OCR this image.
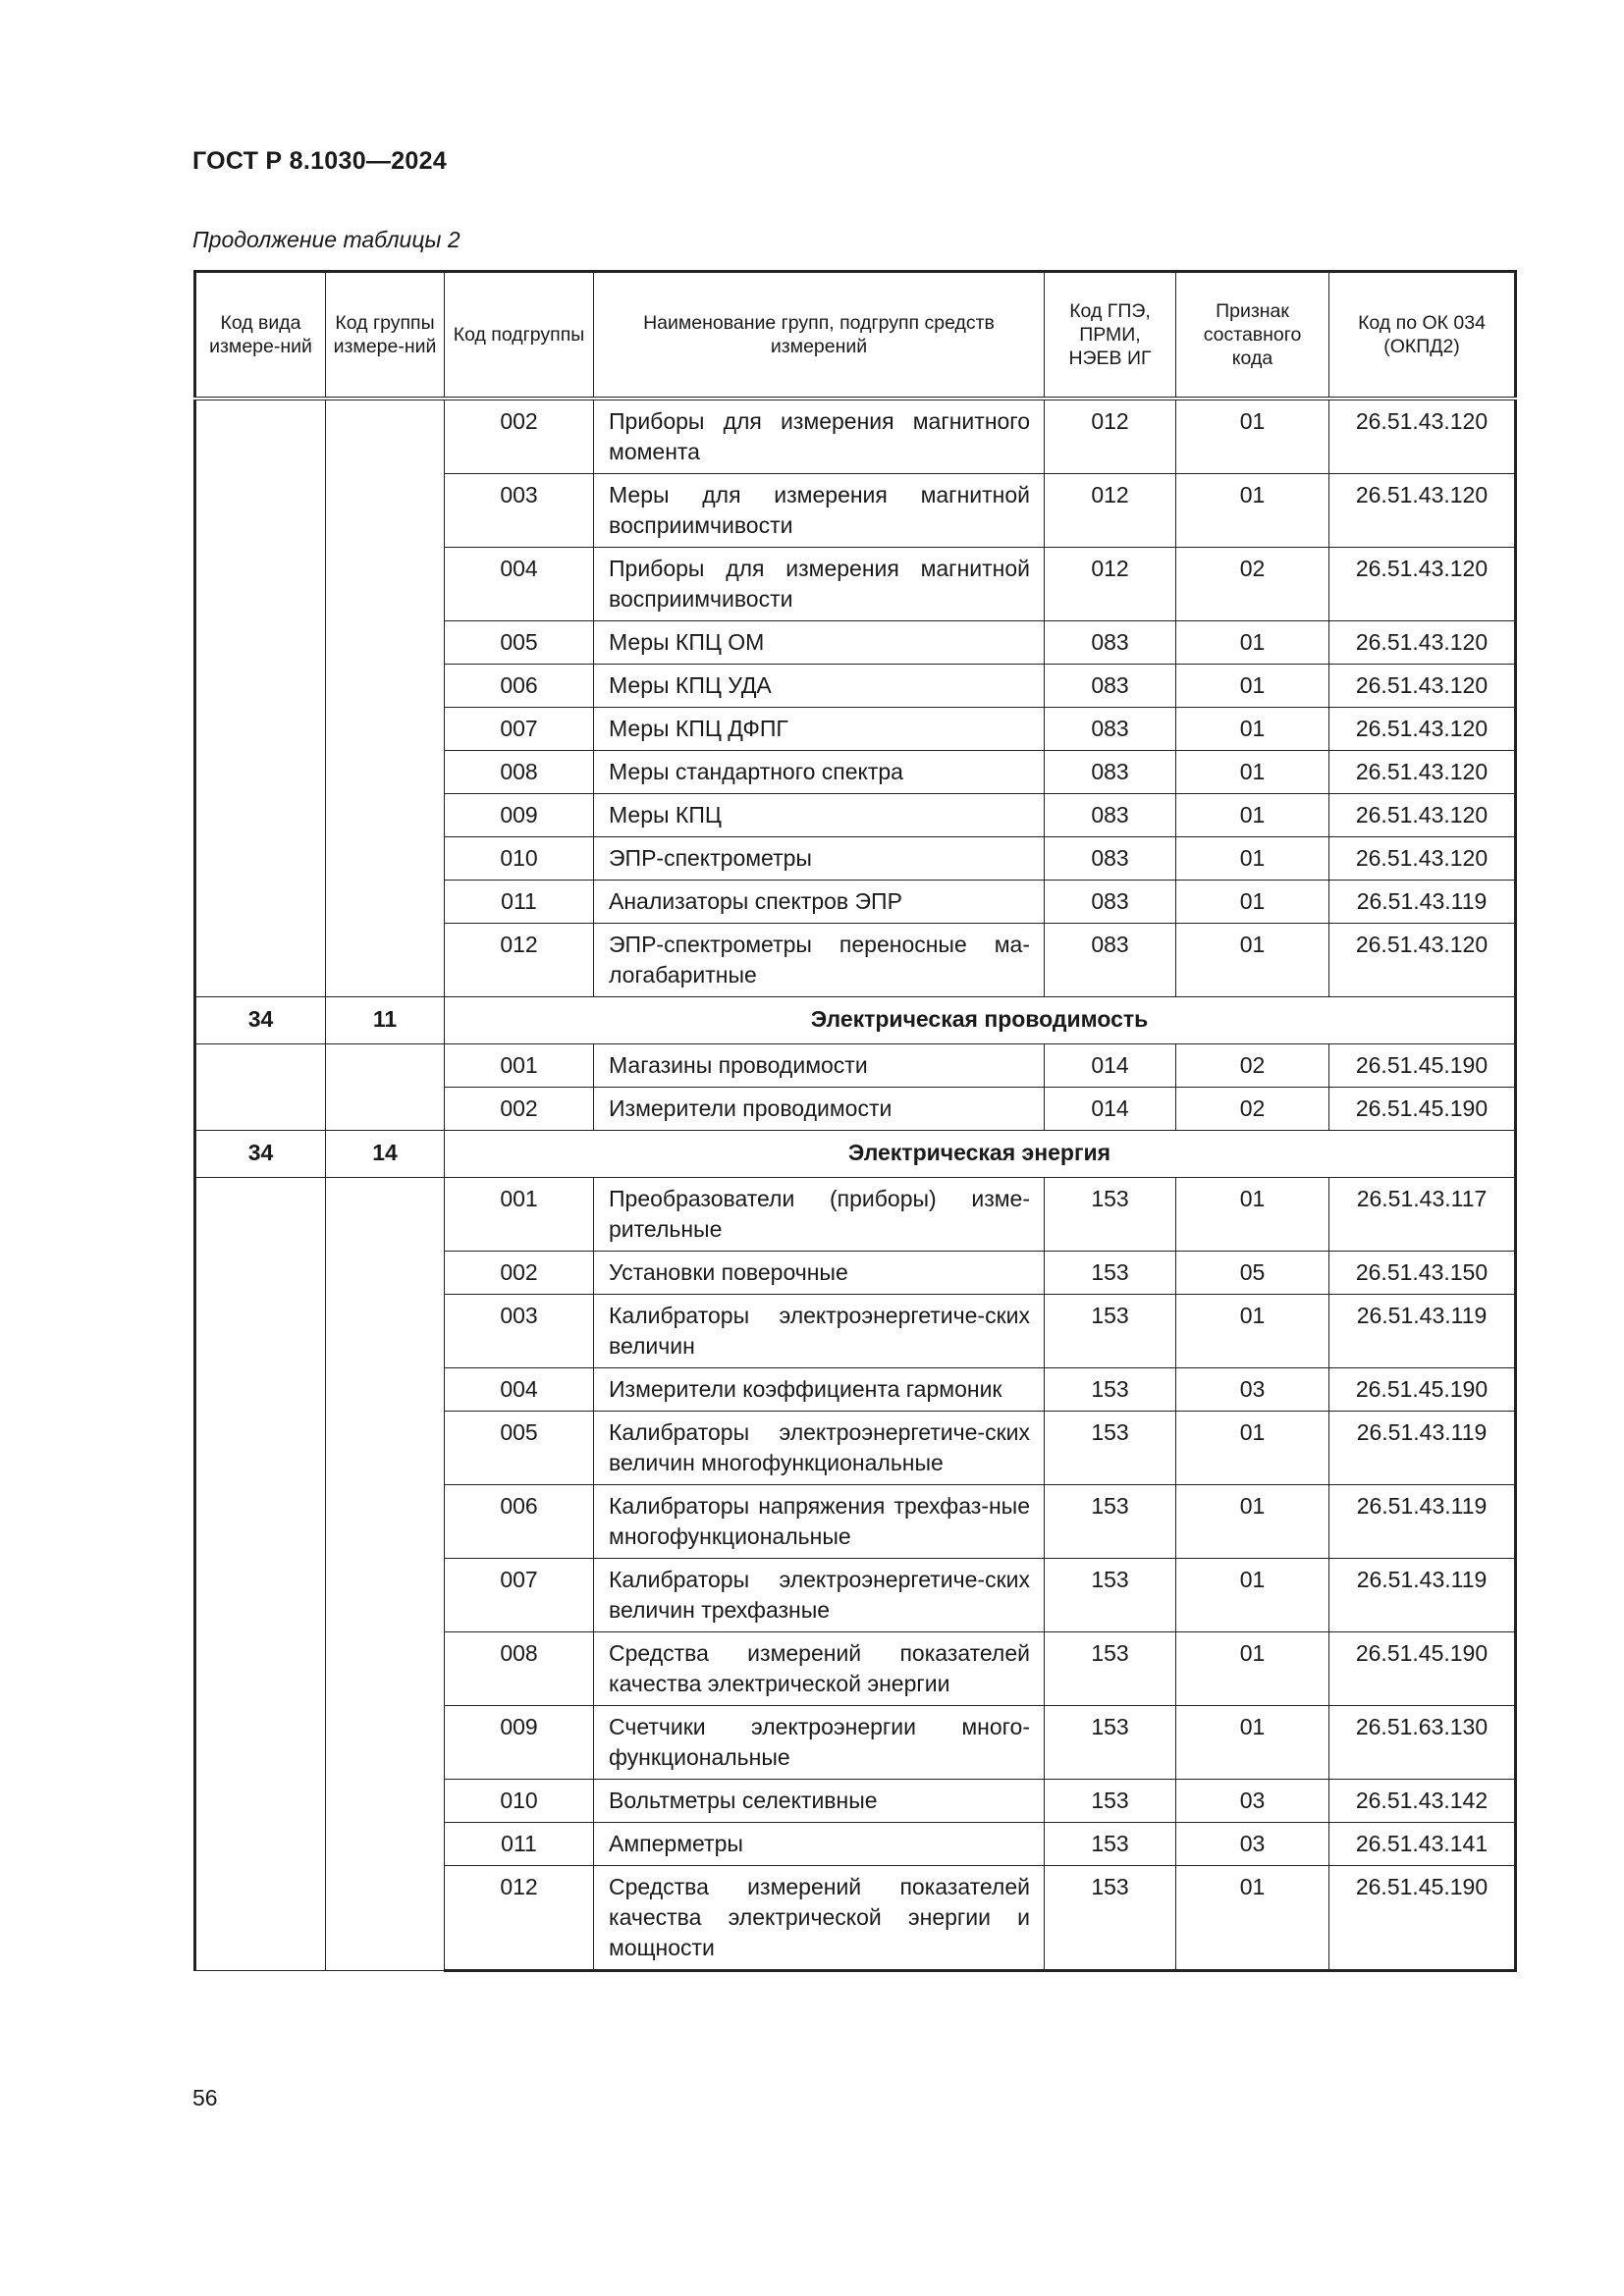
ГОСТ Р 8.1030—2024
Продолжение таблицы 2
Код вида измере-ний	Код группы измере-ний	Код подгруппы	Наименование групп, подгрупп средств измерений	Код ГПЭ, ПРМИ, НЭЕВ ИГ	Признак составного кода	Код по ОК 034 (ОКПД2)
		002	Приборы для измерения магнитного момента	012	01	26.51.43.120
		003	Меры для измерения магнитной восприимчивости	012	01	26.51.43.120
		004	Приборы для измерения магнитной восприимчивости	012	02	26.51.43.120
		005	Меры КПЦ ОМ	083	01	26.51.43.120
		006	Меры КПЦ УДА	083	01	26.51.43.120
		007	Меры КПЦ ДФПГ	083	01	26.51.43.120
		008	Меры стандартного спектра	083	01	26.51.43.120
		009	Меры КПЦ	083	01	26.51.43.120
		010	ЭПР-спектрометры	083	01	26.51.43.120
		011	Анализаторы спектров ЭПР	083	01	26.51.43.119
		012	ЭПР-спектрометры переносные ма-логабаритные	083	01	26.51.43.120
34	11	Электрическая проводимость				
		001	Магазины проводимости	014	02	26.51.45.190
		002	Измерители проводимости	014	02	26.51.45.190
34	14	Электрическая энергия				
		001	Преобразователи (приборы) изме-рительные	153	01	26.51.43.117
		002	Установки поверочные	153	05	26.51.43.150
		003	Калибраторы электроэнергетиче-ских величин	153	01	26.51.43.119
		004	Измерители коэффициента гармоник	153	03	26.51.45.190
		005	Калибраторы электроэнергетиче-ских величин многофункциональные	153	01	26.51.43.119
		006	Калибраторы напряжения трехфаз-ные многофункциональные	153	01	26.51.43.119
		007	Калибраторы электроэнергетиче-ских величин трехфазные	153	01	26.51.43.119
		008	Средства измерений показателей качества электрической энергии	153	01	26.51.45.190
		009	Счетчики электроэнергии много-функциональные	153	01	26.51.63.130
		010	Вольтметры селективные	153	03	26.51.43.142
		011	Амперметры	153	03	26.51.43.141
		012	Средства измерений показателей качества электрической энергии и мощности	153	01	26.51.45.190
56
